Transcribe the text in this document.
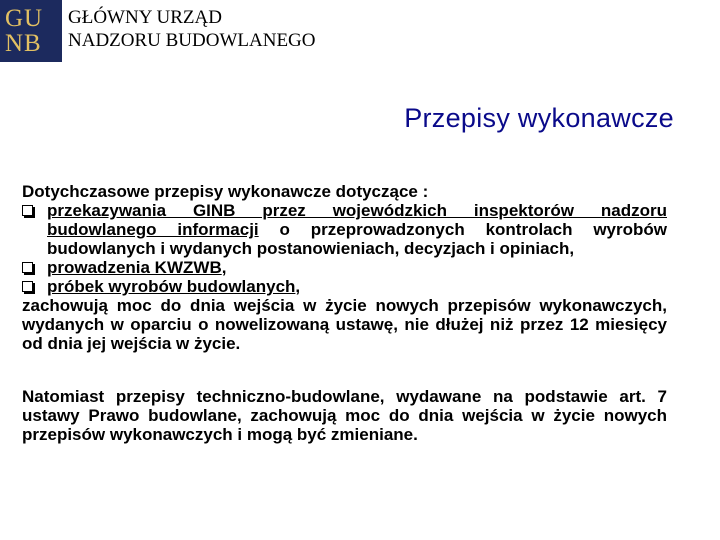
GU
NB
GŁÓWNY URZĄD
NADZORU BUDOWLANEGO
Przepisy wykonawcze

Dotychczasowe przepisy wykonawcze dotyczące :

przekazywania GINB przez wojewódzkich inspektorów nadzoru budowlanego informacji o przeprowadzonych kontrolach wyrobów budowlanych i wydanych postanowieniach, decyzjach i opiniach,
prowadzenia KWZWB,
próbek wyrobów budowlanych,

zachowują moc do dnia wejścia w życie nowych przepisów wykonawczych, wydanych w oparciu o nowelizowaną ustawę, nie dłużej niż przez 12 miesięcy od dnia jej wejścia w życie.

Natomiast przepisy techniczno-budowlane, wydawane na podstawie art. 7 ustawy Prawo budowlane, zachowują moc do dnia wejścia w życie nowych przepisów wykonawczych i mogą być zmieniane.
